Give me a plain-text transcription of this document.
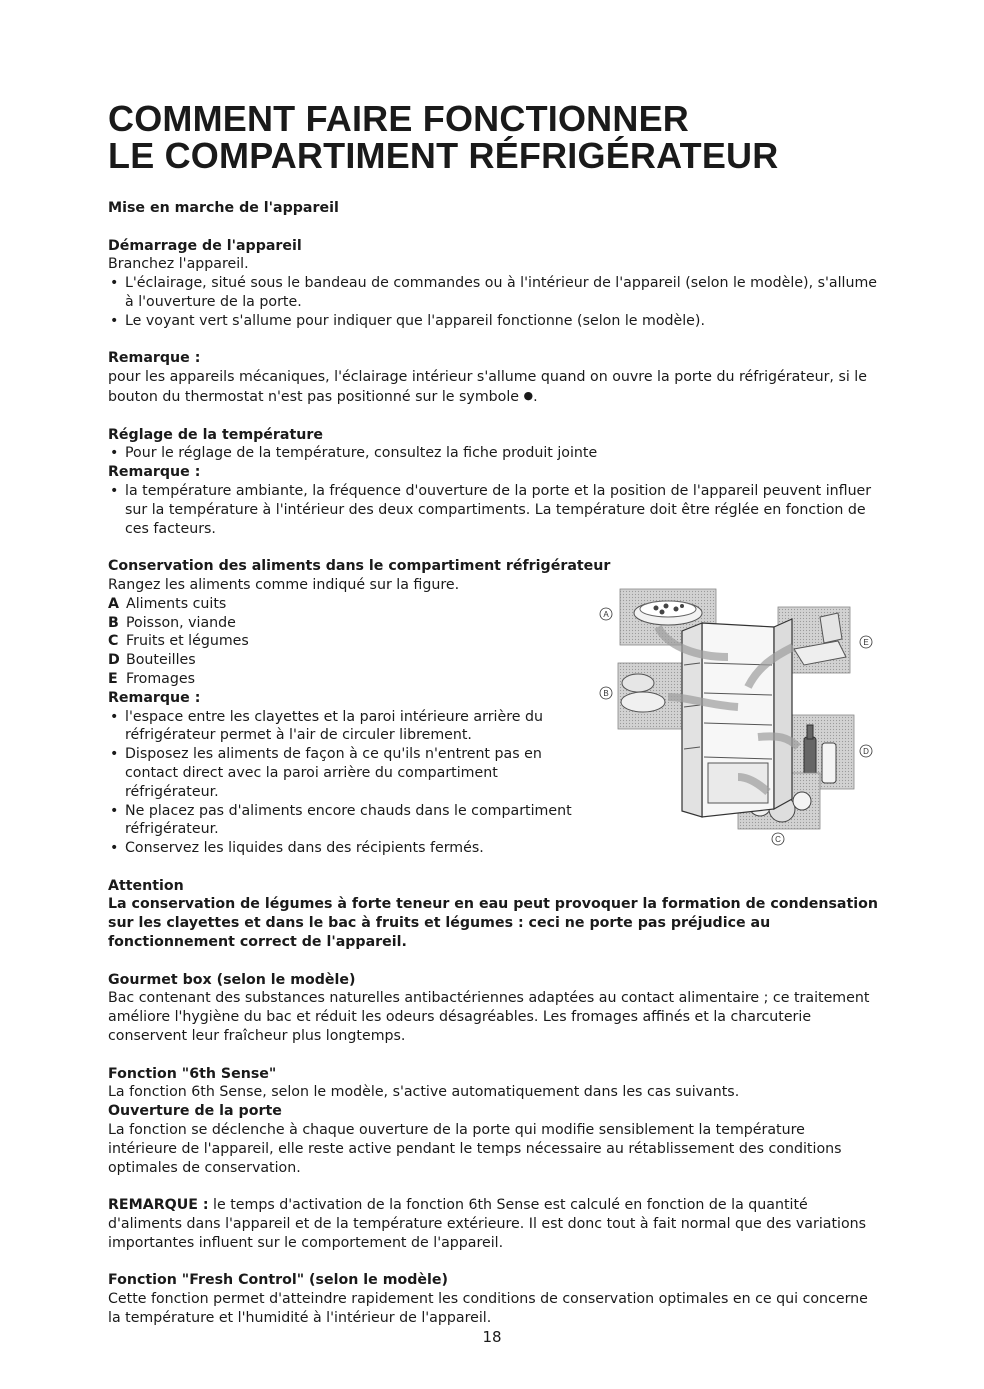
COMMENT FAIRE FONCTIONNER
LE COMPARTIMENT RÉFRIGÉRATEUR

Mise en marche de l'appareil

Démarrage de l'appareil

Branchez l'appareil.

• L'éclairage, situé sous le bandeau de commandes ou à l'intérieur de l'appareil (selon le modèle), s'allume à l'ouverture de la porte.
• Le voyant vert s'allume pour indiquer que l'appareil fonctionne (selon le modèle).

Remarque :

pour les appareils mécaniques, l'éclairage intérieur s'allume quand on ouvre la porte du réfrigérateur, si le bouton du thermostat n'est pas positionné sur le symbole ●.

Réglage de la température

• Pour le réglage de la température, consultez la fiche produit jointe

Remarque :

• la température ambiante, la fréquence d'ouverture de la porte et la position de l'appareil peuvent influer sur la température à l'intérieur des deux compartiments. La température doit être réglée en fonction de ces facteurs.

Conservation des aliments dans le compartiment réfrigérateur

Rangez les aliments comme indiqué sur la figure.

A Aliments cuits

B Poisson, viande

C Fruits et légumes

D Bouteilles

E Fromages

Remarque :

• l'espace entre les clayettes et la paroi intérieure arrière du réfrigérateur permet à l'air de circuler librement.
• Disposez les aliments de façon à ce qu'ils n'entrent pas en contact direct avec la paroi arrière du compartiment réfrigérateur.
• Ne placez pas d'aliments encore chauds dans le compartiment réfrigérateur.
• Conservez les liquides dans des récipients fermés.
A
B
C
D
E

Attention

La conservation de légumes à forte teneur en eau peut provoquer la formation de condensation sur les clayettes et dans le bac à fruits et légumes : ceci ne porte pas préjudice au fonctionnement correct de l'appareil.

Gourmet box (selon le modèle)

Bac contenant des substances naturelles antibactériennes adaptées au contact alimentaire ; ce traitement améliore l'hygiène du bac et réduit les odeurs désagréables. Les fromages affinés et la charcuterie conservent leur fraîcheur plus longtemps.

Fonction "6th Sense"

La fonction 6th Sense, selon le modèle, s'active automatiquement dans les cas suivants.

Ouverture de la porte

La fonction se déclenche à chaque ouverture de la porte qui modifie sensiblement la température intérieure de l'appareil, elle reste active pendant le temps nécessaire au rétablissement des conditions optimales de conservation.

REMARQUE : le temps d'activation de la fonction 6th Sense est calculé en fonction de la quantité d'aliments dans l'appareil et de la température extérieure. Il est donc tout à fait normal que des variations importantes influent sur le comportement de l'appareil.

Fonction "Fresh Control" (selon le modèle)

Cette fonction permet d'atteindre rapidement les conditions de conservation optimales en ce qui concerne la température et l'humidité à l'intérieur de l'appareil.

18
